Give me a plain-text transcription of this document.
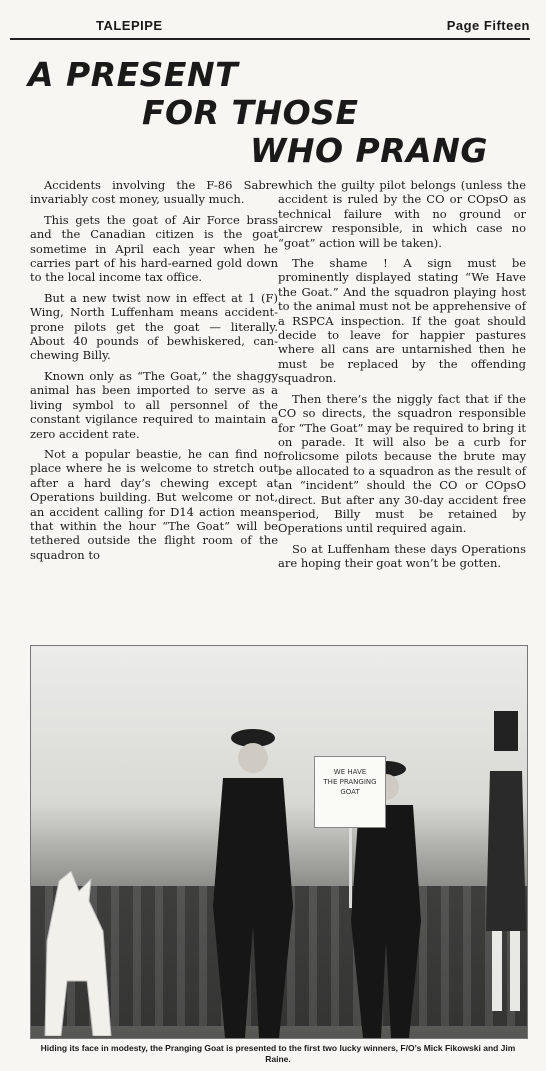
TALEPIPE	Page Fifteen
A PRESENT
FOR THOSE
WHO PRANG

Accidents involving the F-86 Sabre invariably cost money, usually much.

This gets the goat of Air Force brass and the Canadian citizen is the goat sometime in April each year when he carries part of his hard-earned gold down to the local income tax office.

But a new twist now in effect at 1 (F) Wing, North Luffenham means accident-prone pilots get the goat — literally. About 40 pounds of bewhiskered, can-chewing Billy.

Known only as “The Goat,” the shaggy animal has been imported to serve as a living symbol to all personnel of the constant vigilance required to maintain a zero accident rate.

Not a popular beastie, he can find no place where he is welcome to stretch out after a hard day’s chewing except at Operations building. But welcome or not, an accident calling for D14 action means that within the hour “The Goat” will be tethered outside the flight room of the squadron to

which the guilty pilot belongs (unless the accident is ruled by the CO or COpsO as technical failure with no ground or aircrew responsible, in which case no “goat” action will be taken).

The shame ! A sign must be prominently displayed stating “We Have the Goat.” And the squadron playing host to the animal must not be apprehensive of a RSPCA inspection. If the goat should decide to leave for happier pastures where all cans are untarnished then he must be replaced by the offending squadron.

Then there’s the niggly fact that if the CO so directs, the squadron responsible for “The Goat” may be required to bring it on parade. It will also be a curb for frolicsome pilots because the brute may be allocated to a squadron as the result of an “incident” should the CO or COpsO direct. But after any 30-day accident free period, Billy must be retained by Operations until required again.

So at Luffenham these days Operations are hoping their goat won’t be gotten.

WE HAVE
THE PRANGING
GOAT
Hiding its face in modesty, the Pranging Goat is presented to the first two lucky winners, F/O’s Mick Fikowski and Jim Raine.
